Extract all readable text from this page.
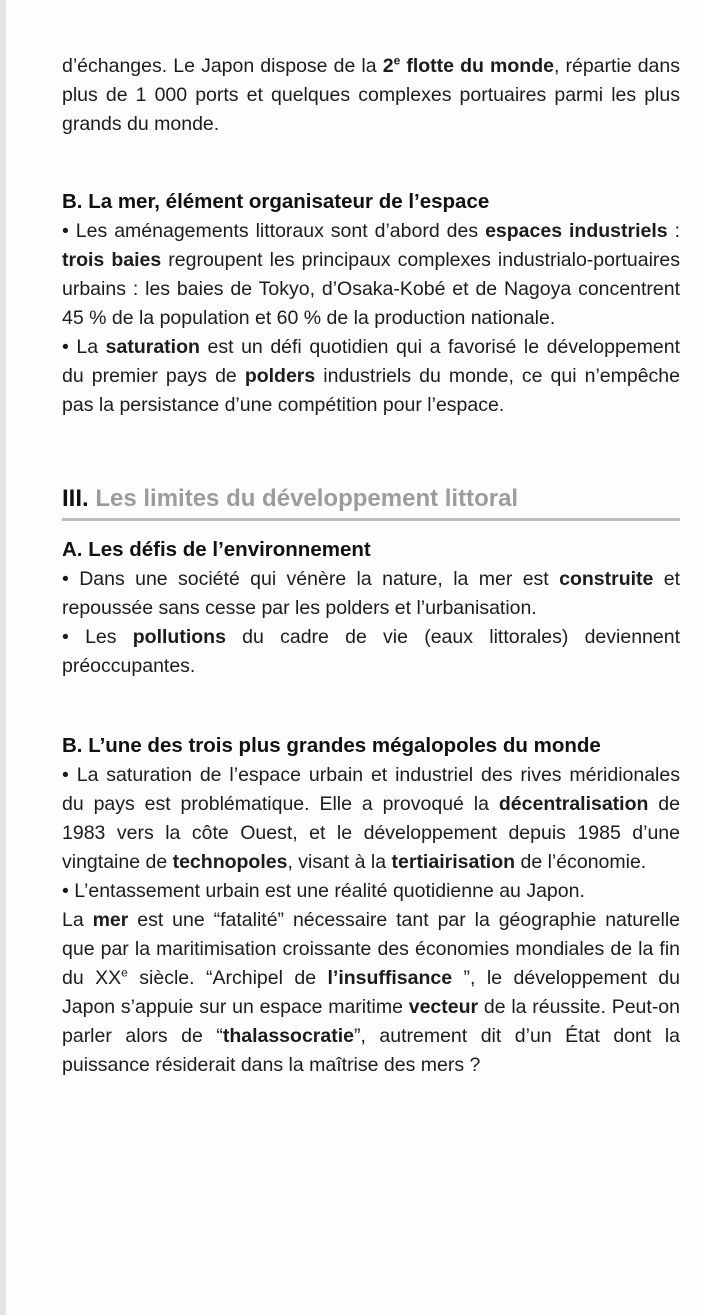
d’échanges. Le Japon dispose de la 2e flotte du monde, répartie dans plus de 1 000 ports et quelques complexes portuaires parmi les plus grands du monde.

B. La mer, élément organisateur de l’espace

• Les aménagements littoraux sont d’abord des espaces industriels : trois baies regroupent les principaux complexes industrialo-portuaires urbains : les baies de Tokyo, d’Osaka-Kobé et de Nagoya concentrent 45 % de la population et 60 % de la production nationale.

• La saturation est un défi quotidien qui a favorisé le développement du premier pays de polders industriels du monde, ce qui n’empêche pas la persistance d’une compétition pour l’espace.

III. Les limites du développement littoral
A. Les défis de l’environnement

• Dans une société qui vénère la nature, la mer est construite et repoussée sans cesse par les polders et l’urbanisation.

• Les pollutions du cadre de vie (eaux littorales) deviennent préoccupantes.

B. L’une des trois plus grandes mégalopoles du monde

• La saturation de l’espace urbain et industriel des rives méridionales du pays est problématique. Elle a provoqué la décentralisation de 1983 vers la côte Ouest, et le développement depuis 1985 d’une vingtaine de technopoles, visant à la tertiairisation de l’économie.

• L’entassement urbain est une réalité quotidienne au Japon.

La mer est une “fatalité” nécessaire tant par la géographie naturelle que par la maritimisation croissante des économies mondiales de la fin du XXe siècle. “Archipel de l’insuffisance ”, le développement du Japon s’appuie sur un espace maritime vecteur de la réussite. Peut-on parler alors de “thalassocratie”, autrement dit d’un État dont la puissance résiderait dans la maîtrise des mers ?
